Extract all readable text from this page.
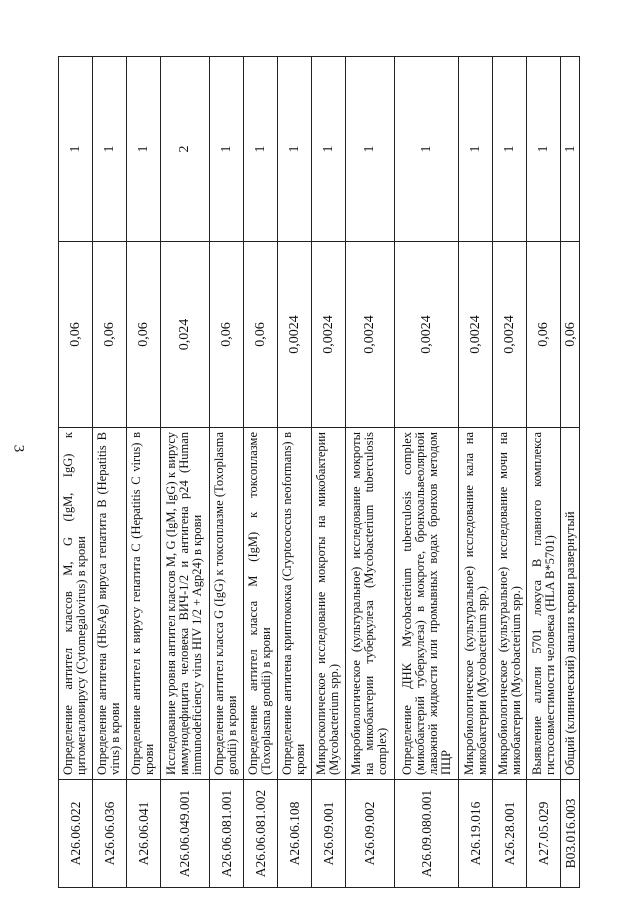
3
A26.06.022	Определение антител классов M, G (IgM, IgG) к цитомегаловирусу (Cytomegalovirus) в крови	0,06	1
A26.06.036	Определение антигена (HbsAg) вируса гепатита B (Hepatitis B virus) в крови	0,06	1
A26.06.041	Определение антител к вирусу гепатита C (Hepatitis C virus) в крови	0,06	1
A26.06.049.001	Исследование уровня антител классов M, G (IgM, IgG) к вирусу иммунодефицита человека ВИЧ-1/2 и антигена p24 (Human immunodeficiency virus HIV 1/2 + Agp24) в крови	0,024	2
A26.06.081.001	Определение антител класса G (IgG) к токсоплазме (Toxoplasma gondii) в крови	0,06	1
A26.06.081.002	Определение антител класса M (IgM) к токсоплазме (Toxoplasma gondii) в крови	0,06	1
A26.06.108	Определение антигена криптококка (Cryptococcus neoformans) в крови	0,0024	1
A26.09.001	Микроскопическое исследование мокроты на микобактерии (Mycobacterium spp.)	0,0024	1
A26.09.002	Микробиологическое (культуральное) исследование мокроты на микобактерии туберкулеза (Mycobacterium tuberculosis complex)	0,0024	1
A26.09.080.001	Определение ДНК Mycobacterium tuberculosis complex (микобактерий туберкулеза) в мокроте, бронхоальвеолярной лаважной жидкости или промывных водах бронхов методом ПЦР	0,0024	1
A26.19.016	Микробиологическое (культуральное) исследование кала на микобактерии (Mycobacterium spp.)	0,0024	1
A26.28.001	Микробиологическое (культуральное) исследование мочи на микобактерии (Mycobacterium spp.)	0,0024	1
A27.05.029	Выявление аллели 5701 локуса B главного комплекса гистосовместимости человека (HLA B*5701)	0,06	1
B03.016.003	Общий (клинический) анализ крови развернутый	0,06	1
